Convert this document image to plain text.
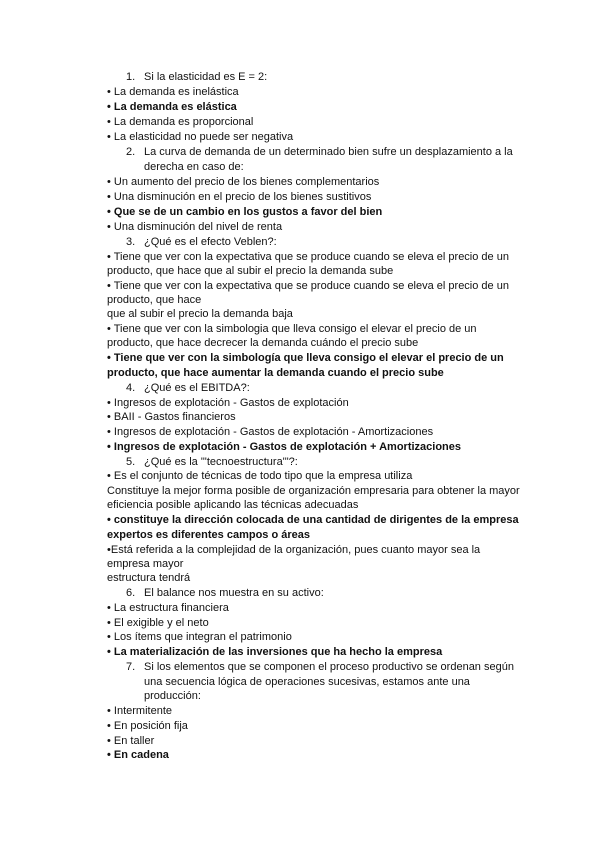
1. Si la elasticidad es E = 2:
• La demanda es inelástica
• La demanda es elástica
• La demanda es proporcional
• La elasticidad no puede ser negativa
2. La curva de demanda de un determinado bien sufre un desplazamiento a la
derecha en caso de:
• Un aumento del precio de los bienes complementarios
• Una disminución en el precio de los bienes sustitivos
• Que se de un cambio en los gustos a favor del bien
• Una disminución del nivel de renta
3. ¿Qué es el efecto Veblen?:
• Tiene que ver con la expectativa que se produce cuando se eleva el precio de un
producto, que hace que al subir el precio la demanda sube
• Tiene que ver con la expectativa que se produce cuando se eleva el precio de un
producto, que hace
que al subir el precio la demanda baja
• Tiene que ver con la simbologia que lleva consigo el elevar el precio de un
producto, que hace decrecer la demanda cuándo el precio sube
• Tiene que ver con la simbología que lleva consigo el elevar el precio de un
producto, que hace aumentar la demanda cuando el precio sube
4. ¿Qué es el EBITDA?:
• Ingresos de explotación - Gastos de explotación
• BAII - Gastos financieros
• Ingresos de explotación - Gastos de explotación - Amortizaciones
• Ingresos de explotación - Gastos de explotación + Amortizaciones
5. ¿Qué es la "'tecnoestructura'"?:
• Es el conjunto de técnicas de todo tipo que la empresa utiliza
Constituye la mejor forma posible de organización empresaria para obtener la mayor
eficiencia posible aplicando las técnicas adecuadas
• constituye la dirección colocada de una cantidad de dirigentes de la empresa
expertos es diferentes campos o áreas
•Está referida a la complejidad de la organización, pues cuanto mayor sea la
empresa mayor
estructura tendrá
6. El balance nos muestra en su activo:
• La estructura financiera
• El exigible y el neto
• Los ítems que integran el patrimonio
• La materialización de las inversiones que ha hecho la empresa
7. Si los elementos que se componen el proceso productivo se ordenan según
una secuencia lógica de operaciones sucesivas, estamos ante una
producción:
• Intermitente
• En posición fija
• En taller
• En cadena
